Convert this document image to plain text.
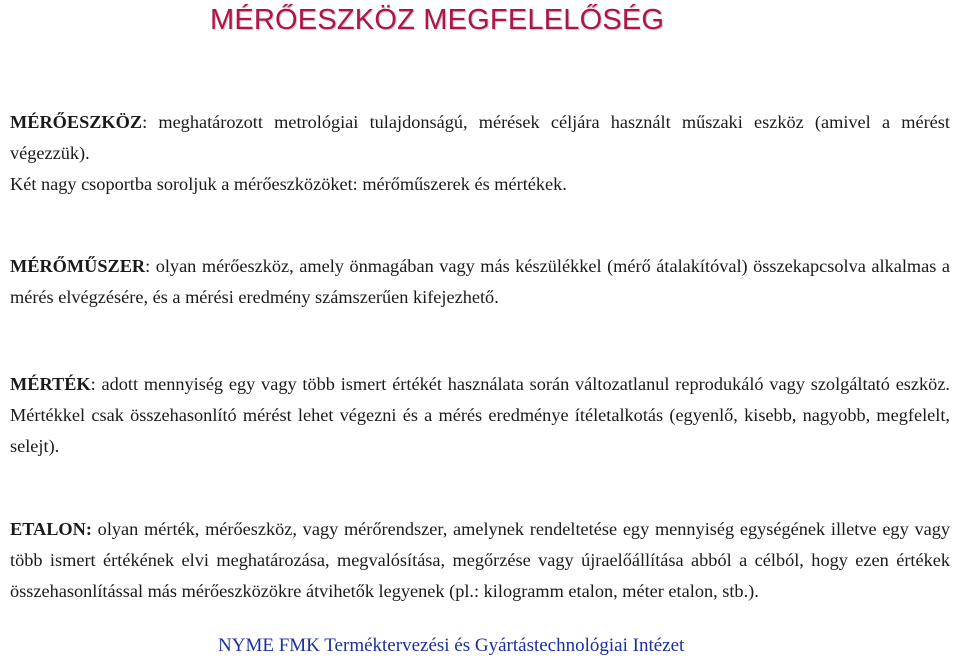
MÉRŐESZKÖZ MEGFELELŐSÉG
MÉRŐESZKÖZ: meghatározott metrológiai tulajdonságú, mérések céljára használt műszaki eszköz (amivel a mérést végezzük).
Két nagy csoportba soroljuk a mérőeszközöket: mérőműszerek és mértékek.
MÉRŐMŰSZER: olyan mérőeszköz, amely önmagában vagy más készülékkel (mérő átalakítóval) összekapcsolva alkalmas a mérés elvégzésére, és a mérési eredmény számszerűen kifejezhető.
MÉRTÉK: adott mennyiség egy vagy több ismert értékét használata során változatlanul reprodukáló vagy szolgáltató eszköz. Mértékkel csak összehasonlító mérést lehet végezni és a mérés eredménye ítéletalkotás (egyenlő, kisebb, nagyobb, megfelelt, selejt).
ETALON: olyan mérték, mérőeszköz, vagy mérőrendszer, amelynek rendeltetése egy mennyiség egységének illetve egy vagy több ismert értékének elvi meghatározása, megvalósítása, megőrzése vagy újraelőállítása abból a célból, hogy ezen értékek összehasonlítással más mérőeszközökre átvihetők legyenek (pl.: kilogramm etalon, méter etalon, stb.).
NYME FMK Terméktervezési és Gyártástechnológiai Intézet
